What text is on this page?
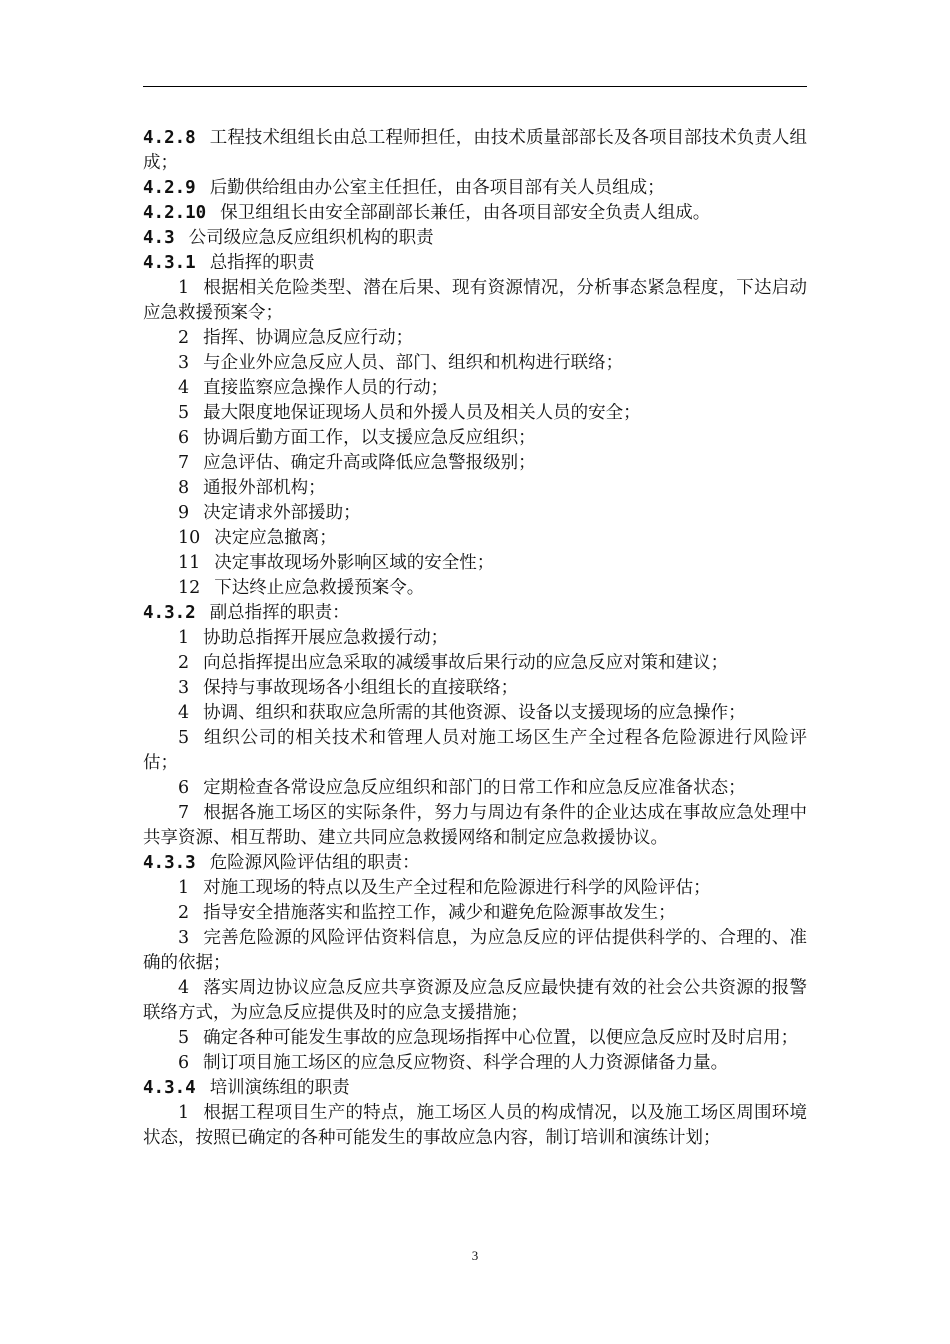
4.2.8 工程技术组组长由总工程师担任，由技术质量部部长及各项目部技术负责人组成；

4.2.9 后勤供给组由办公室主任担任，由各项目部有关人员组成；

4.2.10 保卫组组长由安全部副部长兼任，由各项目部安全负责人组成。

4.3 公司级应急反应组织机构的职责

4.3.1 总指挥的职责

1 根据相关危险类型、潜在后果、现有资源情况，分析事态紧急程度，下达启动应急救援预案令；

2 指挥、协调应急反应行动；

3 与企业外应急反应人员、部门、组织和机构进行联络；

4 直接监察应急操作人员的行动；

5 最大限度地保证现场人员和外援人员及相关人员的安全；

6 协调后勤方面工作，以支援应急反应组织；

7 应急评估、确定升高或降低应急警报级别；

8 通报外部机构；

9 决定请求外部援助；

10 决定应急撤离；

11 决定事故现场外影响区域的安全性；

12 下达终止应急救援预案令。

4.3.2 副总指挥的职责：

1 协助总指挥开展应急救援行动；

2 向总指挥提出应急采取的减缓事故后果行动的应急反应对策和建议；

3 保持与事故现场各小组组长的直接联络；

4 协调、组织和获取应急所需的其他资源、设备以支援现场的应急操作；

5 组织公司的相关技术和管理人员对施工场区生产全过程各危险源进行风险评估；

6 定期检查各常设应急反应组织和部门的日常工作和应急反应准备状态；

7 根据各施工场区的实际条件，努力与周边有条件的企业达成在事故应急处理中共享资源、相互帮助、建立共同应急救援网络和制定应急救援协议。

4.3.3 危险源风险评估组的职责：

1 对施工现场的特点以及生产全过程和危险源进行科学的风险评估；

2 指导安全措施落实和监控工作，减少和避免危险源事故发生；

3 完善危险源的风险评估资料信息，为应急反应的评估提供科学的、合理的、准确的依据；

4 落实周边协议应急反应共享资源及应急反应最快捷有效的社会公共资源的报警联络方式，为应急反应提供及时的应急支援措施；

5 确定各种可能发生事故的应急现场指挥中心位置，以便应急反应时及时启用；

6 制订项目施工场区的应急反应物资、科学合理的人力资源储备力量。

4.3.4 培训演练组的职责

1 根据工程项目生产的特点，施工场区人员的构成情况，以及施工场区周围环境状态，按照已确定的各种可能发生的事故应急内容，制订培训和演练计划；

3
